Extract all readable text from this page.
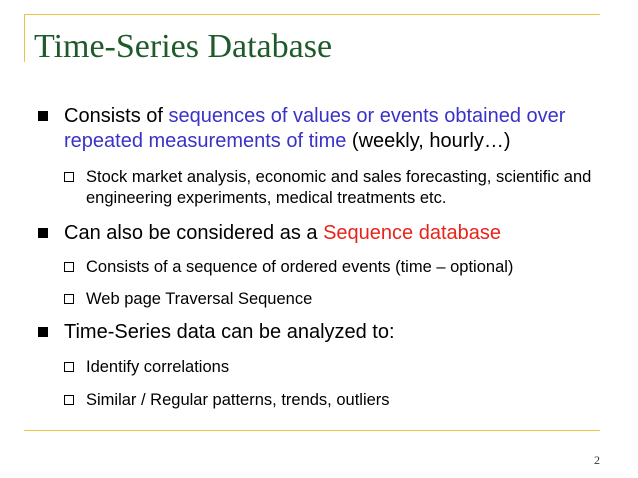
Time-Series Database
Consists of sequences of values or events obtained over repeated measurements of time (weekly, hourly…)
Stock market analysis, economic and sales forecasting, scientific and engineering experiments, medical treatments etc.
Can also be considered as a Sequence database
Consists of a sequence of ordered events (time – optional)
Web page Traversal Sequence
Time-Series data can be analyzed to:
Identify correlations
Similar / Regular patterns, trends, outliers
2
